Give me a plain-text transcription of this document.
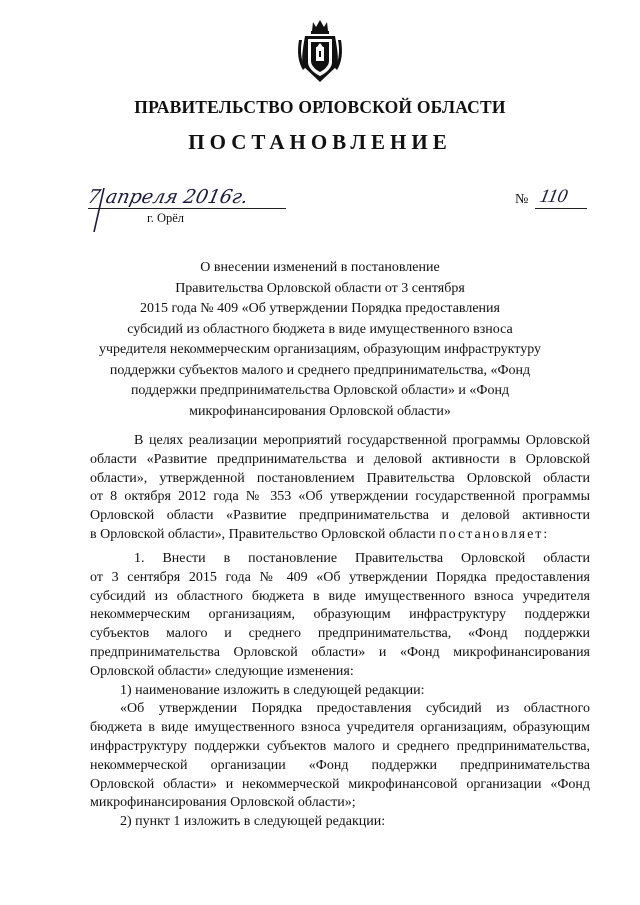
ПРАВИТЕЛЬСТВО ОРЛОВСКОЙ ОБЛАСТИ
ПОСТАНОВЛЕНИЕ
7 апреля 2016г.
г. Орёл
№ 110
О внесении изменений в постановление
Правительства Орловской области от 3 сентября
2015 года № 409 «Об утверждении Порядка предоставления
субсидий из областного бюджета в виде имущественного взноса
учредителя некоммерческим организациям, образующим инфраструктуру
поддержки субъектов малого и среднего предпринимательства, «Фонд
поддержки предпринимательства Орловской области» и «Фонд
микрофинансирования Орловской области»
В целях реализации мероприятий государственной программы Орловской
области «Развитие предпринимательства и деловой активности в Орловской
области», утвержденной постановлением Правительства Орловской области
от 8 октября 2012 года № 353 «Об утверждении государственной программы
Орловской области «Развитие предпринимательства и деловой активности
в Орловской области», Правительство Орловской области постановляет:
1. Внести в постановление Правительства Орловской области
от 3 сентября 2015 года № 409 «Об утверждении Порядка предоставления
субсидий из областного бюджета в виде имущественного взноса учредителя
некоммерческим организациям, образующим инфраструктуру поддержки
субъектов малого и среднего предпринимательства, «Фонд поддержки
предпринимательства Орловской области» и «Фонд микрофинансирования
Орловской области» следующие изменения:
1) наименование изложить в следующей редакции:
«Об утверждении Порядка предоставления субсидий из областного
бюджета в виде имущественного взноса учредителя организациям, образующим
инфраструктуру поддержки субъектов малого и среднего предпринимательства,
некоммерческой организации «Фонд поддержки предпринимательства
Орловской области» и некоммерческой микрофинансовой организации «Фонд
микрофинансирования Орловской области»;
2) пункт 1 изложить в следующей редакции:
